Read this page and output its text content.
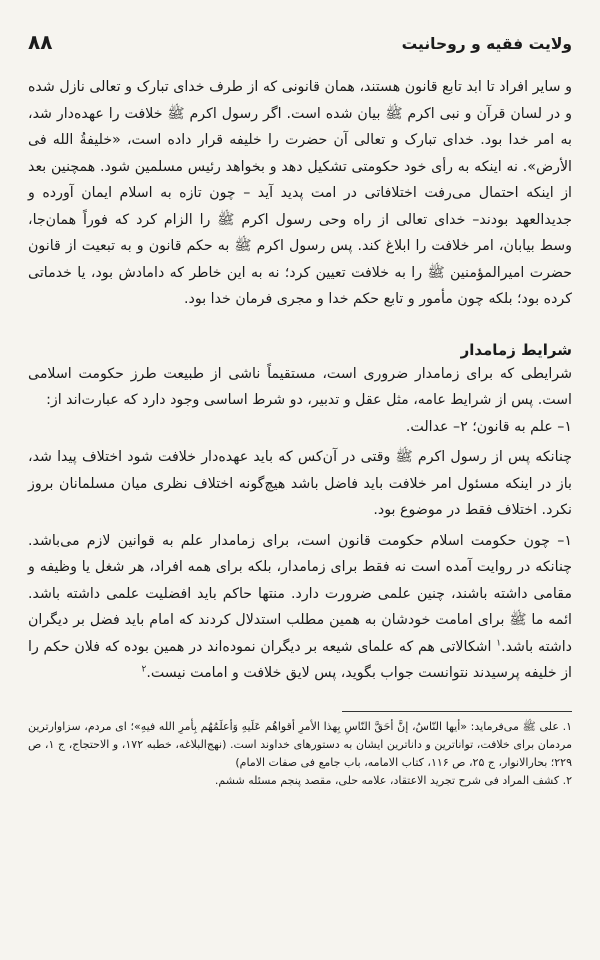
ولایت فقیه و روحانیت
۸۸

و سایر افراد تا ابد تابع قانون هستند، همان قانونی که از طرف خدای تبارک و تعالی نازل شده و در لسان قرآن و نبی اکرم ﷺ بیان شده است. اگر رسول اکرم ﷺ خلافت را عهده‌دار شد، به امر خدا بود. خدای تبارک و تعالی آن حضرت را خلیفه قرار داده است، «خلیفةُ الله فی الأرض». نه اینکه به رأی خود حکومتی تشکیل دهد و بخواهد رئیس مسلمین شود. همچنین بعد از اینکه احتمال می‌رفت اختلافاتی در امت پدید آید – چون تازه به اسلام ایمان آورده و جدیدالعهد بودند– خدای تعالی از راه وحی رسول اکرم ﷺ را الزام کرد که فوراً همان‌جا، وسط بیابان، امر خلافت را ابلاغ کند. پس رسول اکرم ﷺ به حکم قانون و به تبعیت از قانون حضرت امیرالمؤمنین ﷺ را به خلافت تعیین کرد؛ نه به این خاطر که دامادش بود، یا خدماتی کرده بود؛ بلکه چون مأمور و تابع حکم خدا و مجری فرمان خدا بود.

شرایط زمامدار

شرایطی که برای زمامدار ضروری است، مستقیماً ناشی از طبیعت طرز حکومت اسلامی است. پس از شرایط عامه، مثل عقل و تدبیر، دو شرط اساسی وجود دارد که عبارت‌اند از:

۱– علم به قانون؛ ۲– عدالت.

چنانکه پس از رسول اکرم ﷺ وقتی در آن‌کس که باید عهده‌دار خلافت شود اختلاف پیدا شد، باز در اینکه مسئول امر خلافت باید فاضل باشد هیچ‌گونه اختلاف نظری میان مسلمانان بروز نکرد. اختلاف فقط در موضوع بود.

۱– چون حکومت اسلام حکومت قانون است، برای زمامدار علم به قوانین لازم می‌باشد. چنانکه در روایت آمده است نه فقط برای زمامدار، بلکه برای همه افراد، هر شغل یا وظیفه و مقامی داشته باشند، چنین علمی ضرورت دارد. منتها حاکم باید افضلیت علمی داشته باشد. ائمه ما ﷺ برای امامت خودشان به همین مطلب استدلال کردند که امام باید فضل بر دیگران داشته باشد.$^۱$ اشکالاتی هم که علمای شیعه بر دیگران نموده‌اند در همین بوده که فلان حکم را از خلیفه پرسیدند نتوانست جواب بگوید، پس لایق خلافت و امامت نیست.$^۲$

۱. علی ﷺ می‌فرماید: «أیها النّاسُ، إنَّ أحَقَّ النّاسِ بِهذا الأمرِ أقواهُم عَلَیهِ وَأعلَمُهُم بِأمرِ الله فیهِ»؛ ای مردم، سزاوارترین مردمان برای خلافت، تواناترین و داناترین ایشان به دستورهای خداوند است. (نهج‌البلاغه، خطبه ۱۷۲، و الاحتجاج، ج ۱، ص ۲۲۹؛ بحارالانوار، ج ۲۵، ص ۱۱۶، کتاب الامامه، باب جامع فی صفات الامام)

۲. کشف المراد فی شرح تجرید الاعتقاد، علامه حلی، مقصد پنجم مسئله ششم.
